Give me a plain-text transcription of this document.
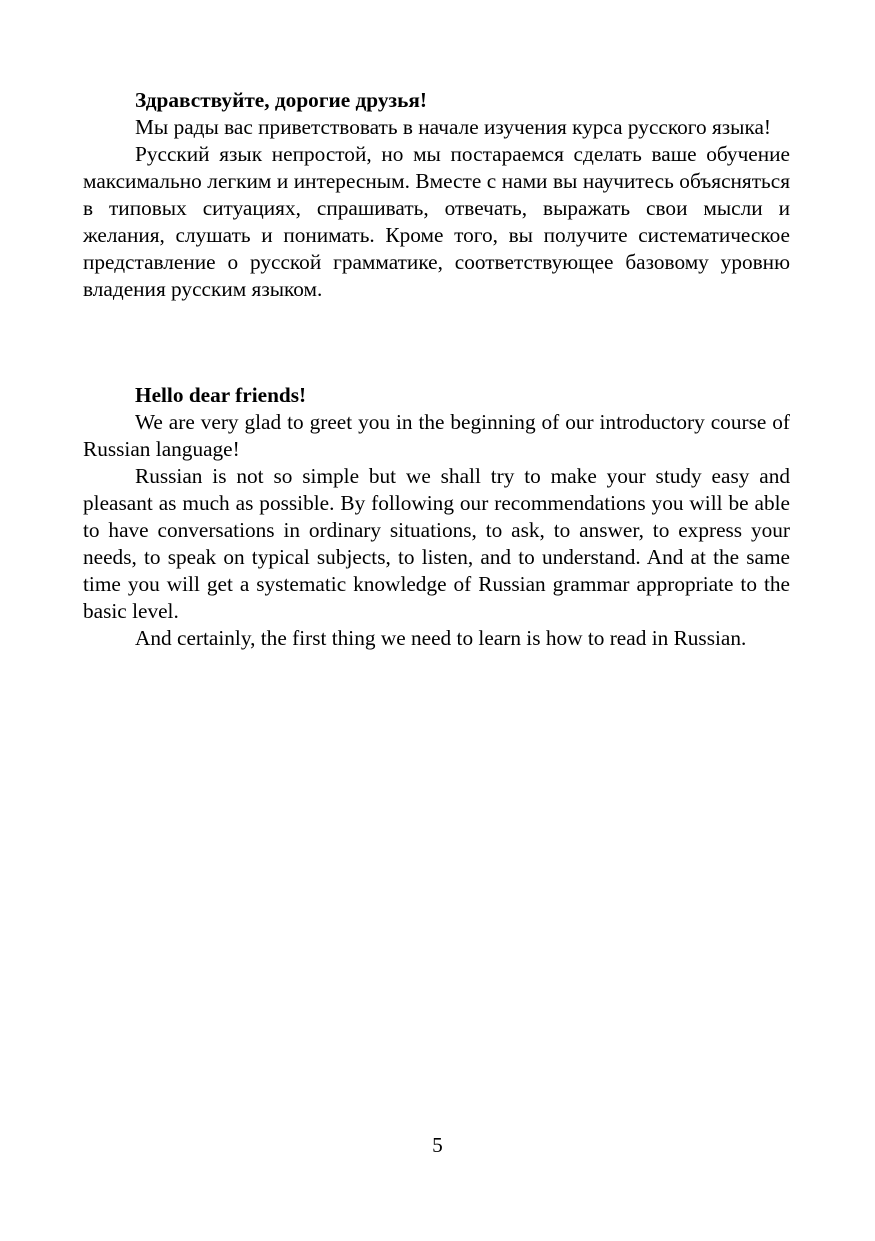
Здравствуйте, дорогие друзья!

Мы рады вас приветствовать в начале изучения курса русского языка!

Русский язык непростой, но мы постараемся сделать ваше обучение максимально легким и интересным. Вместе с нами вы научитесь объясняться в типовых ситуациях, спрашивать, отвечать, выражать свои мысли и желания, слушать и понимать. Кроме того, вы получите систематическое представление о русской грамматике, соответствующее базовому уровню владения русским языком.

Hello dear friends!

We are very glad to greet you in the beginning of our introductory course of Russian language!

Russian is not so simple but we shall try to make your study easy and pleasant as much as possible. By following our recommendations you will be able to have conversations in ordinary situations, to ask, to answer, to express your needs, to speak on typical subjects, to listen, and to understand. And at the same time you will get a systematic knowledge of Russian grammar appropriate to the basic level.

And certainly, the first thing we need to learn is how to read in Russian.

5
